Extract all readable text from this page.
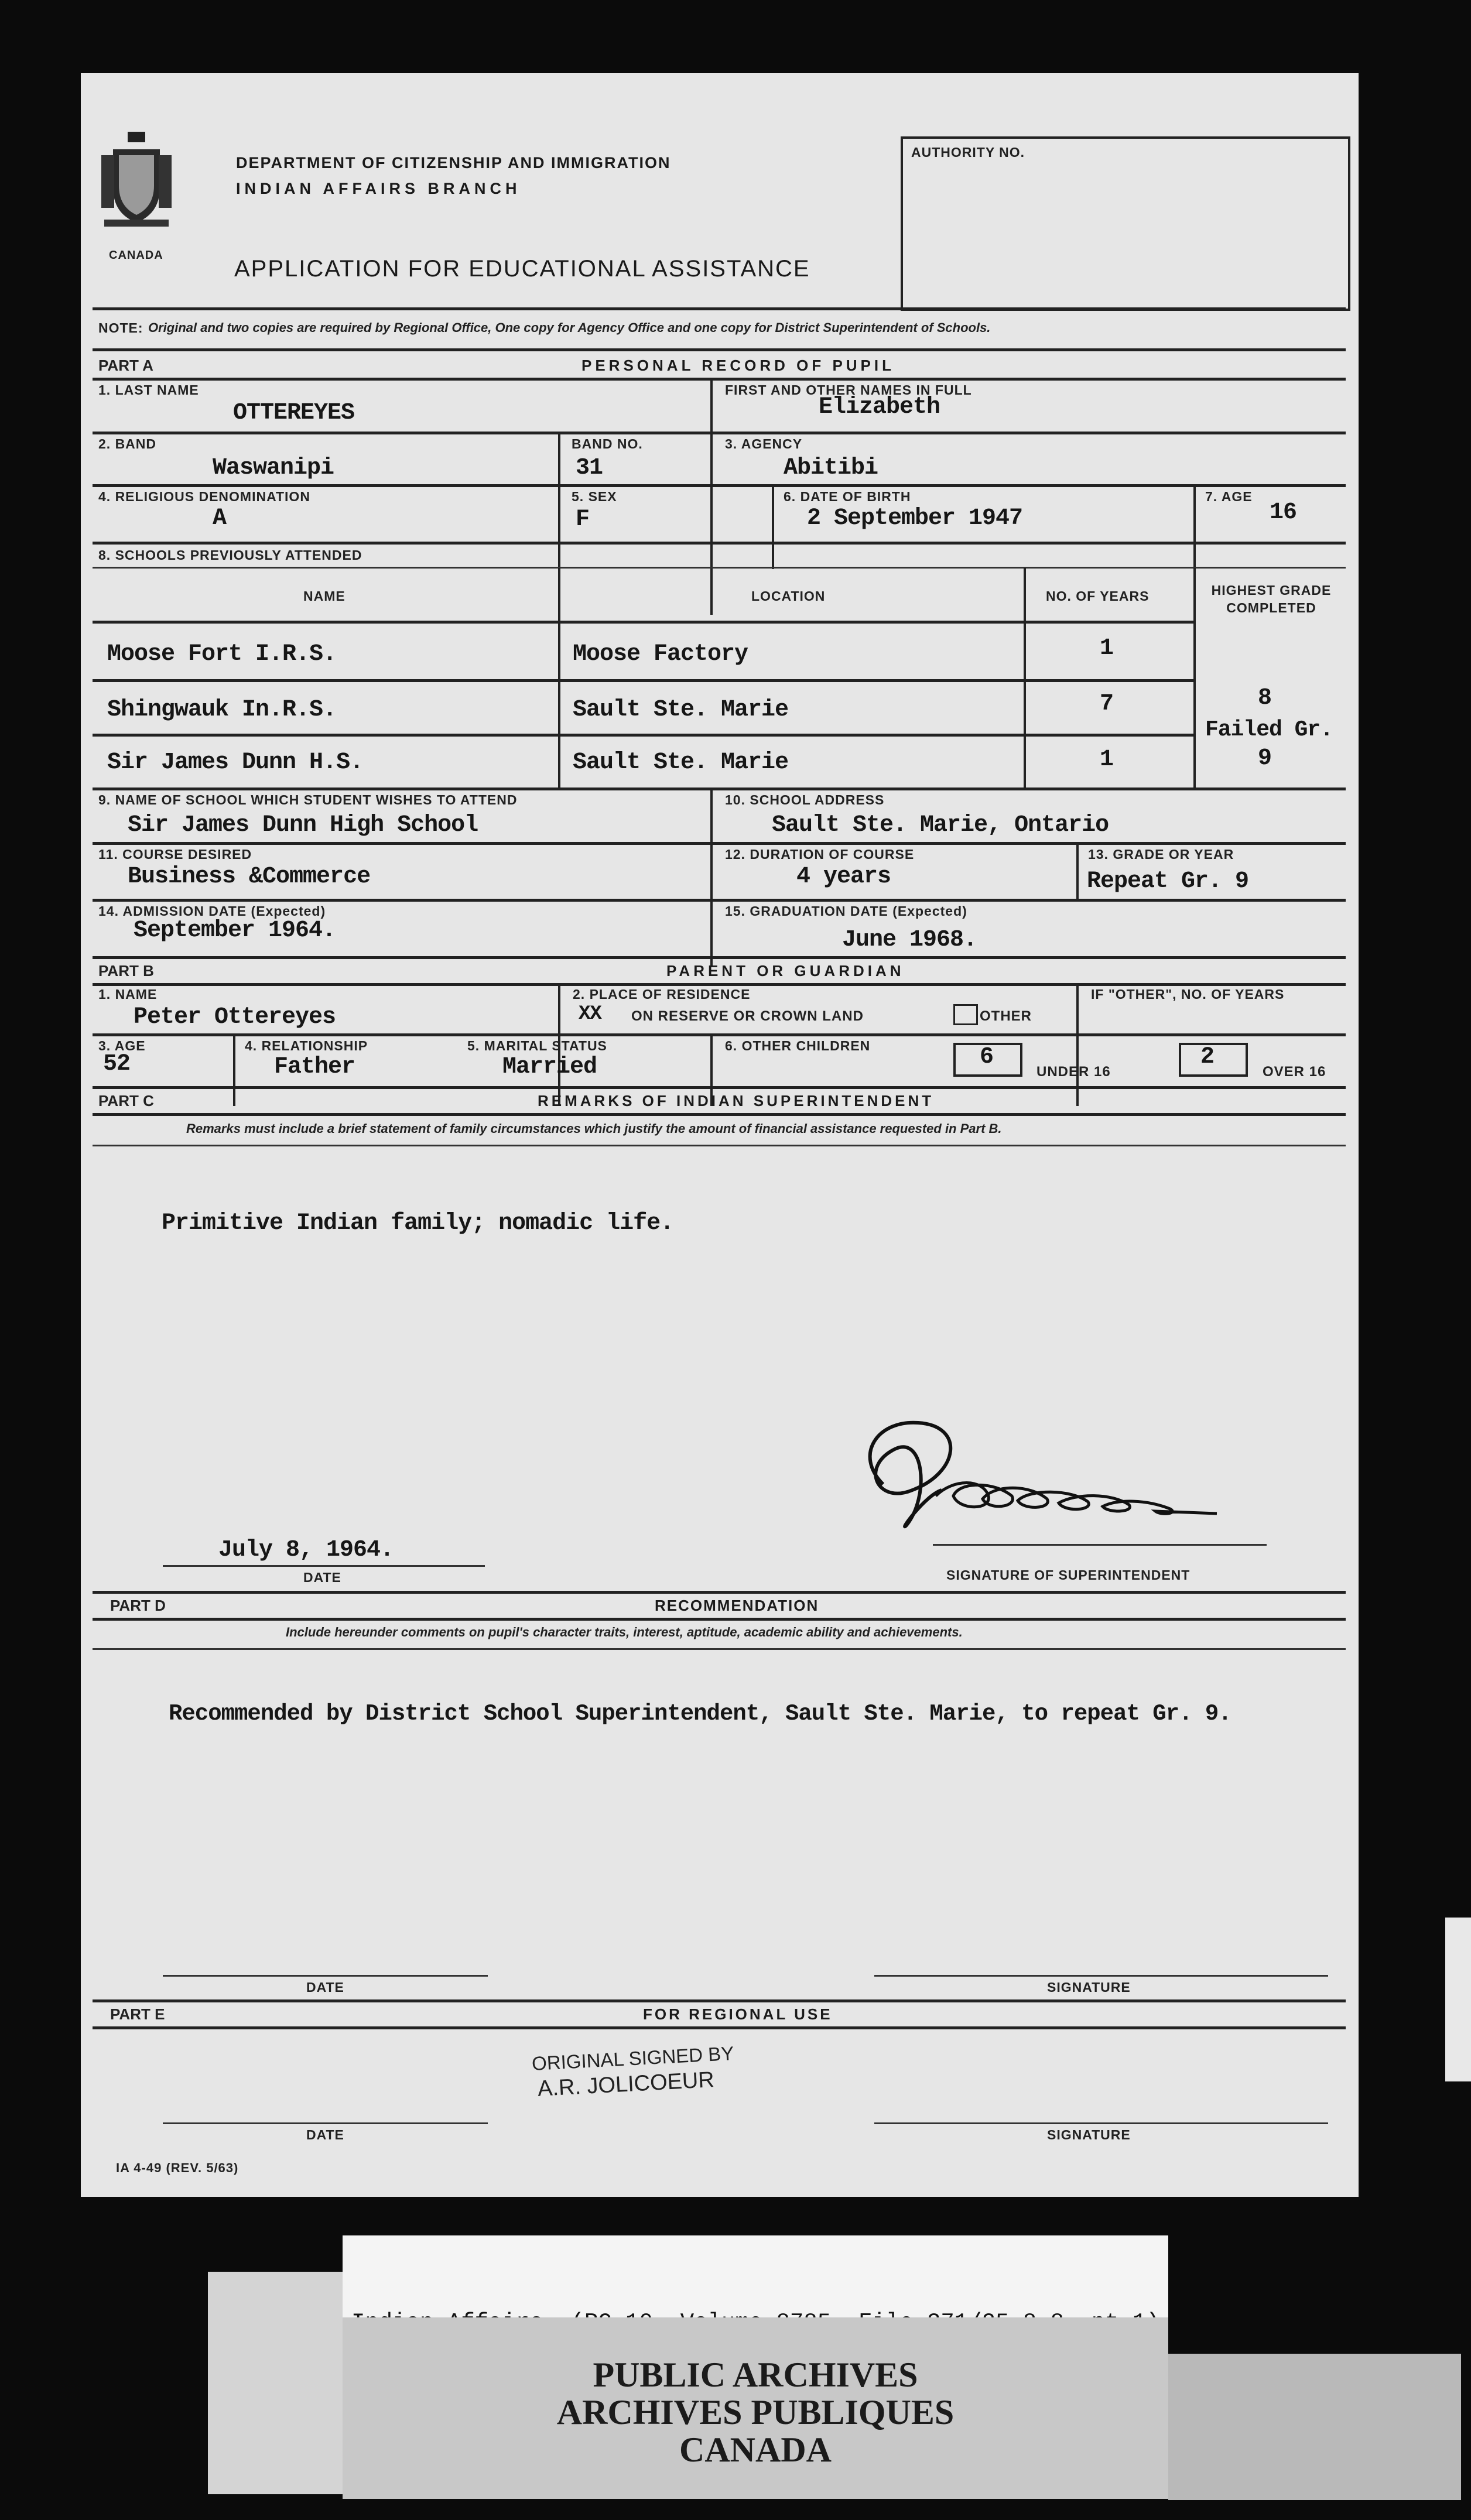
CANADA
DEPARTMENT OF CITIZENSHIP AND IMMIGRATION
INDIAN AFFAIRS BRANCH
APPLICATION FOR EDUCATIONAL ASSISTANCE
AUTHORITY NO.
NOTE: Original and two copies are required by Regional Office, One copy for Agency Office and one copy for District Superintendent of Schools.
PART A	PERSONAL RECORD OF PUPIL
1. LAST NAME
OTTEREYES
FIRST AND OTHER NAMES IN FULL
Elizabeth
2. BAND
Waswanipi
BAND NO.
31
3. AGENCY
Abitibi
4. RELIGIOUS DENOMINATION
A
5. SEX
F
6. DATE OF BIRTH
2 September 1947
7. AGE
16
8. SCHOOLS PREVIOUSLY ATTENDED
NAME	LOCATION	NO. OF YEARS	HIGHEST GRADE COMPLETED
Moose Fort I.R.S.	Moose Factory	1
Shingwauk In.R.S.	Sault Ste. Marie	7
Sir James Dunn H.S.	Sault Ste. Marie	1
8
Failed Gr.
9
9. NAME OF SCHOOL WHICH STUDENT WISHES TO ATTEND
Sir James Dunn High School
10. SCHOOL ADDRESS
Sault Ste. Marie, Ontario
11. COURSE DESIRED
Business &Commerce
12. DURATION OF COURSE
4 years
13. GRADE OR YEAR
Repeat Gr. 9
14. ADMISSION DATE (Expected)
September 1964.
15. GRADUATION DATE (Expected)
June 1968.
PART B	PARENT OR GUARDIAN
1. NAME
Peter Ottereyes
2. PLACE OF RESIDENCE
XX ON RESERVE OR CROWN LAND	OTHER
IF "OTHER", NO. OF YEARS
3. AGE
52
4. RELATIONSHIP
Father
5. MARITAL STATUS
Married
6. OTHER CHILDREN	6
UNDER 16
2
OVER 16
PART C	REMARKS OF INDIAN SUPERINTENDENT
Remarks must include a brief statement of family circumstances which justify the amount of financial assistance requested in Part B.
Primitive Indian family; nomadic life.
July 8, 1964.
DATE	SIGNATURE OF SUPERINTENDENT
PART D	RECOMMENDATION
Include hereunder comments on pupil's character traits, interest, aptitude, academic ability and achievements.
Recommended by District School Superintendent, Sault Ste. Marie, to repeat Gr. 9.
DATE	SIGNATURE
PART E	FOR REGIONAL USE
ORIGINAL SIGNED BY
A.R. JOLICOEUR
DATE	SIGNATURE
IA 4-49 (REV. 5/63)
PUBLIC ARCHIVES
ARCHIVES PUBLIQUES
CANADA
